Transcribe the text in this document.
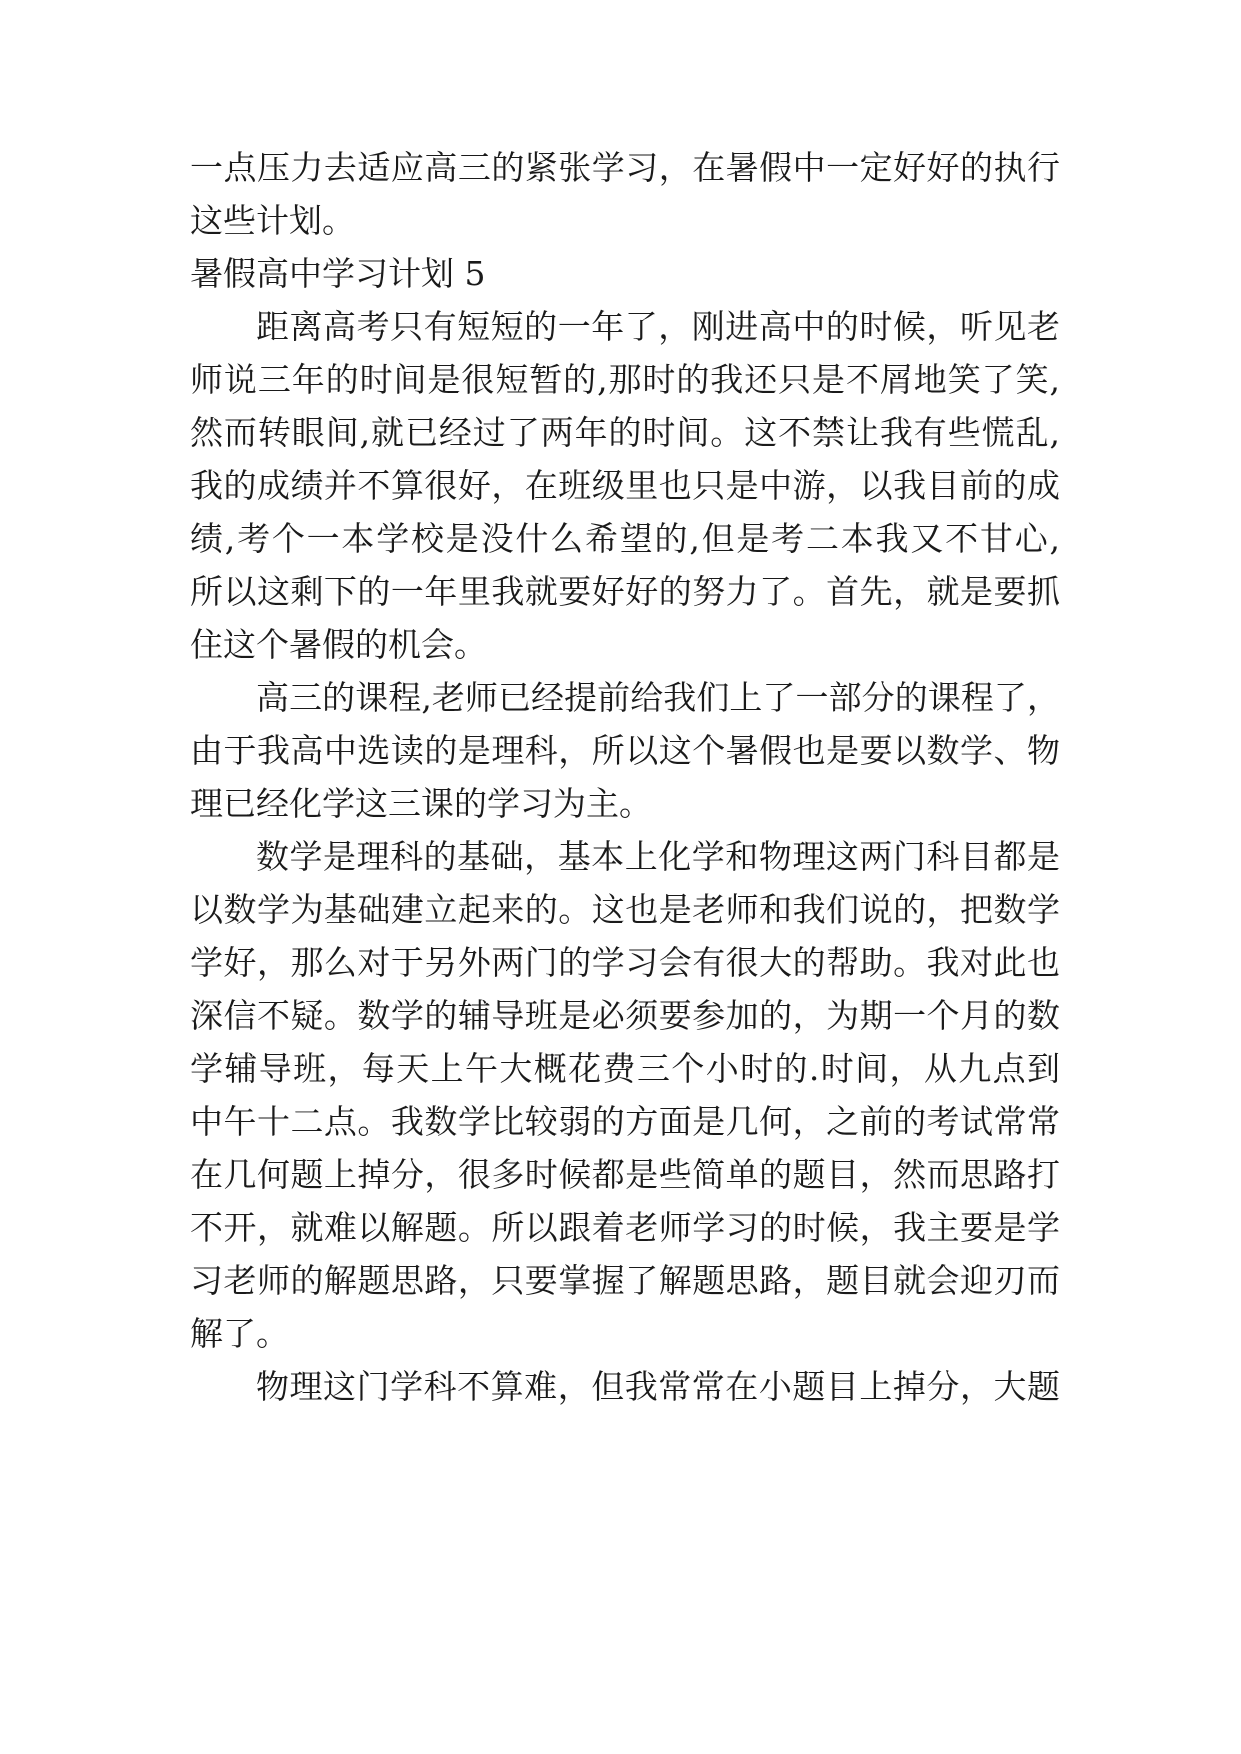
一点压力去适应高三的紧张学习，在暑假中一定好好的执行
这些计划。
暑假高中学习计划 5
距离高考只有短短的一年了，刚进高中的时候，听见老
师说三年的时间是很短暂的,那时的我还只是不屑地笑了笑,
然而转眼间,就已经过了两年的时间。这不禁让我有些慌乱,
我的成绩并不算很好，在班级里也只是中游，以我目前的成
绩,考个一本学校是没什么希望的,但是考二本我又不甘心,
所以这剩下的一年里我就要好好的努力了。首先，就是要抓
住这个暑假的机会。
高三的课程,老师已经提前给我们上了一部分的课程了，
由于我高中选读的是理科，所以这个暑假也是要以数学、物
理已经化学这三课的学习为主。
数学是理科的基础，基本上化学和物理这两门科目都是
以数学为基础建立起来的。这也是老师和我们说的，把数学
学好，那么对于另外两门的学习会有很大的帮助。我对此也
深信不疑。数学的辅导班是必须要参加的，为期一个月的数
学辅导班，每天上午大概花费三个小时的.时间，从九点到
中午十二点。我数学比较弱的方面是几何，之前的考试常常
在几何题上掉分，很多时候都是些简单的题目，然而思路打
不开，就难以解题。所以跟着老师学习的时候，我主要是学
习老师的解题思路，只要掌握了解题思路，题目就会迎刃而
解了。
物理这门学科不算难，但我常常在小题目上掉分，大题
